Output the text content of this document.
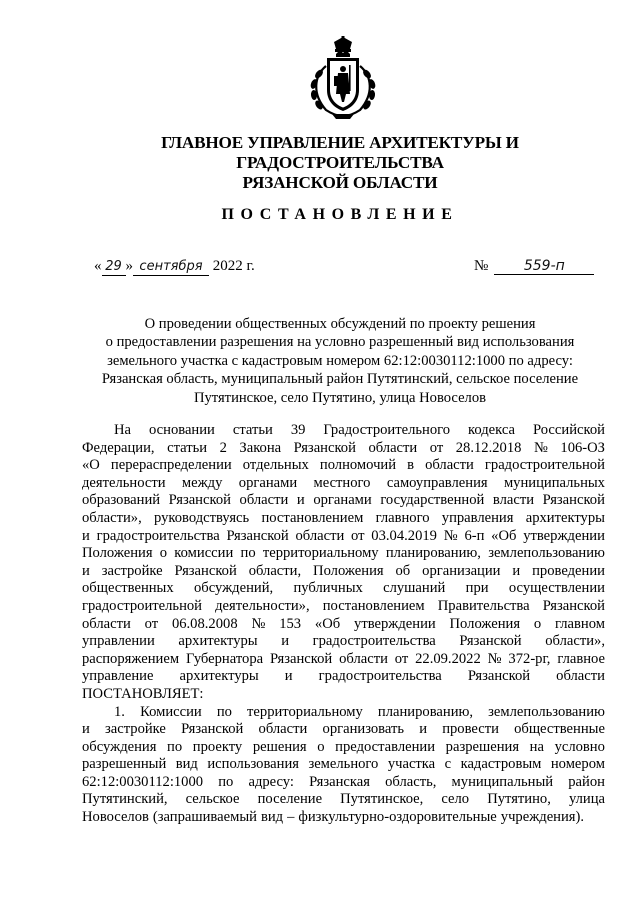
ГЛАВНОЕ УПРАВЛЕНИЕ АРХИТЕКТУРЫ И ГРАДОСТРОИТЕЛЬСТВА
РЯЗАНСКОЙ ОБЛАСТИ
ПОСТАНОВЛЕНИЕ
« 29 » сентября 2022 г.	№	559-п
О проведении общественных обсуждений по проекту решения
о предоставлении разрешения на условно разрешенный вид использования
земельного участка с кадастровым номером 62:12:0030112:1000 по адресу:
Рязанская область, муниципальный район Путятинский, сельское поселение
Путятинское, село Путятино, улица Новоселов
На основании статьи 39 Градостроительного кодекса Российской
Федерации, статьи 2 Закона Рязанской области от 28.12.2018 № 106-ОЗ
«О перераспределении отдельных полномочий в области градостроительной
деятельности между органами местного самоуправления муниципальных
образований Рязанской области и органами государственной власти Рязанской
области», руководствуясь постановлением главного управления архитектуры
и градостроительства Рязанской области от 03.04.2019 № 6-п «Об утверждении
Положения о комиссии по территориальному планированию, землепользованию
и застройке Рязанской области, Положения об организации и проведении
общественных обсуждений, публичных слушаний при осуществлении
градостроительной деятельности», постановлением Правительства Рязанской
области от 06.08.2008 № 153 «Об утверждении Положения о главном
управлении архитектуры и градостроительства Рязанской области»,
распоряжением Губернатора Рязанской области от 22.09.2022 № 372-рг, главное
управление архитектуры и градостроительства Рязанской области
ПОСТАНОВЛЯЕТ:
1. Комиссии по территориальному планированию, землепользованию
и застройке Рязанской области организовать и провести общественные
обсуждения по проекту решения о предоставлении разрешения на условно
разрешенный вид использования земельного участка с кадастровым номером
62:12:0030112:1000 по адресу: Рязанская область, муниципальный район
Путятинский, сельское поселение Путятинское, село Путятино, улица
Новоселов (запрашиваемый вид – физкультурно-оздоровительные учреждения).
